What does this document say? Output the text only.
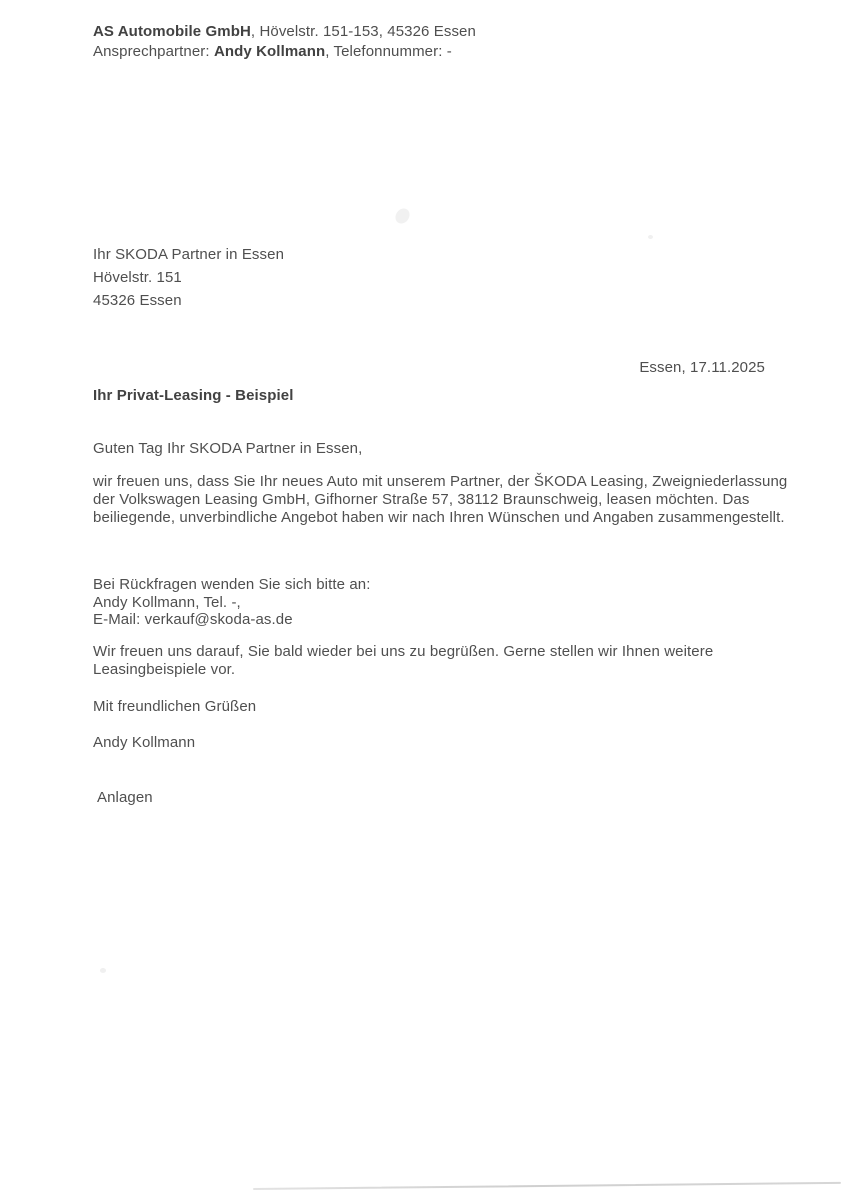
AS Automobile GmbH, Hövelstr. 151-153, 45326 Essen
Ansprechpartner: Andy Kollmann, Telefonnummer: -
Ihr SKODA Partner in Essen
Hövelstr. 151
45326 Essen
Essen, 17.11.2025
Ihr Privat-Leasing - Beispiel
Guten Tag Ihr SKODA Partner in Essen,
wir freuen uns, dass Sie Ihr neues Auto mit unserem Partner, der ŠKODA Leasing, Zweigniederlassung
der Volkswagen Leasing GmbH, Gifhorner Straße 57, 38112 Braunschweig, leasen möchten. Das
beiliegende, unverbindliche Angebot haben wir nach Ihren Wünschen und Angaben zusammengestellt.
Bei Rückfragen wenden Sie sich bitte an:
Andy Kollmann, Tel. -,
E-Mail: verkauf@skoda-as.de
Wir freuen uns darauf, Sie bald wieder bei uns zu begrüßen. Gerne stellen wir Ihnen weitere
Leasingbeispiele vor.
Mit freundlichen Grüßen
Andy Kollmann
Anlagen
